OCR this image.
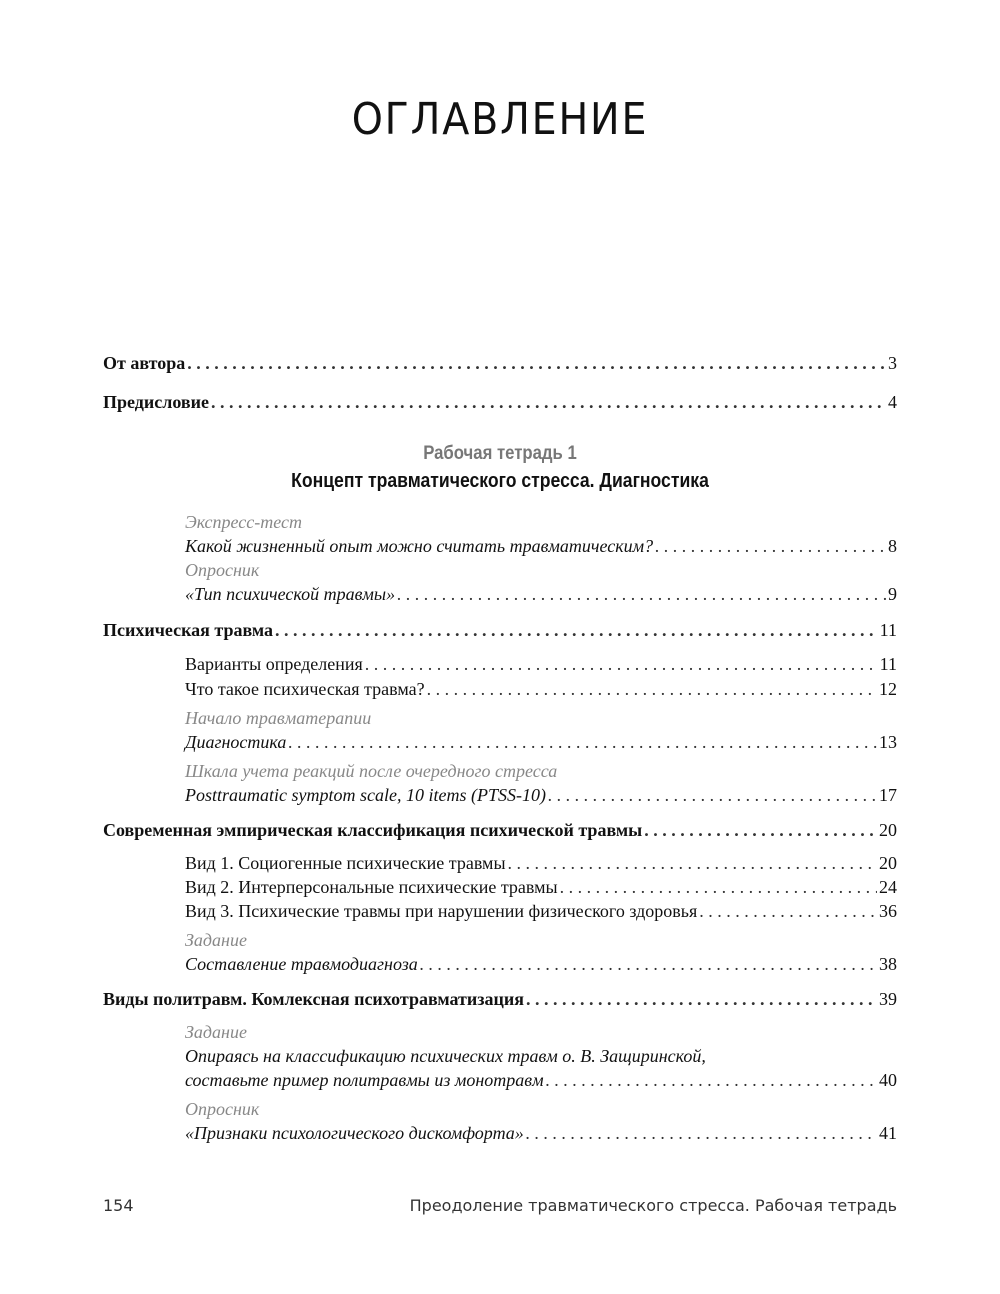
ОГЛАВЛЕНИЕ
Рабочая тетрадь 1
Концепт травматического стресса. Диагностика
От автора . . .	3
Предисловие . . .	4
Экспресс-тест
Какой жизненный опыт можно считать травматическим? . . .	8
Опросник
«Тип психической травмы» . . .	9
Психическая травма . . .	11
Варианты определения . . .	11
Что такое психическая травма? . . .	12
Начало травматерапии
Диагностика . . .	13
Шкала учета реакций после очередного стресса
Posttraumatic symptom scale, 10 items (PTSS-10) . . .	17
Современная эмпирическая классификация психической травмы . . .	20
Вид 1. Социогенные психические травмы . . .	20
Вид 2. Интерперсональные психические травмы . . .	24
Вид 3. Психические травмы при нарушении физического здоровья . . .	36
Задание
Составление травмодиагноза . . .	38
Виды политравм. Комлексная психотравматизация . . .	39
Задание
Опираясь на классификацию психических травм о. В. Защиринской,
составьте пример политравмы из монотравм . . .	40
Опросник
«Признаки психологического дискомфорта» . . .	41
154	Преодоление травматического стресса. Рабочая тетрадь
